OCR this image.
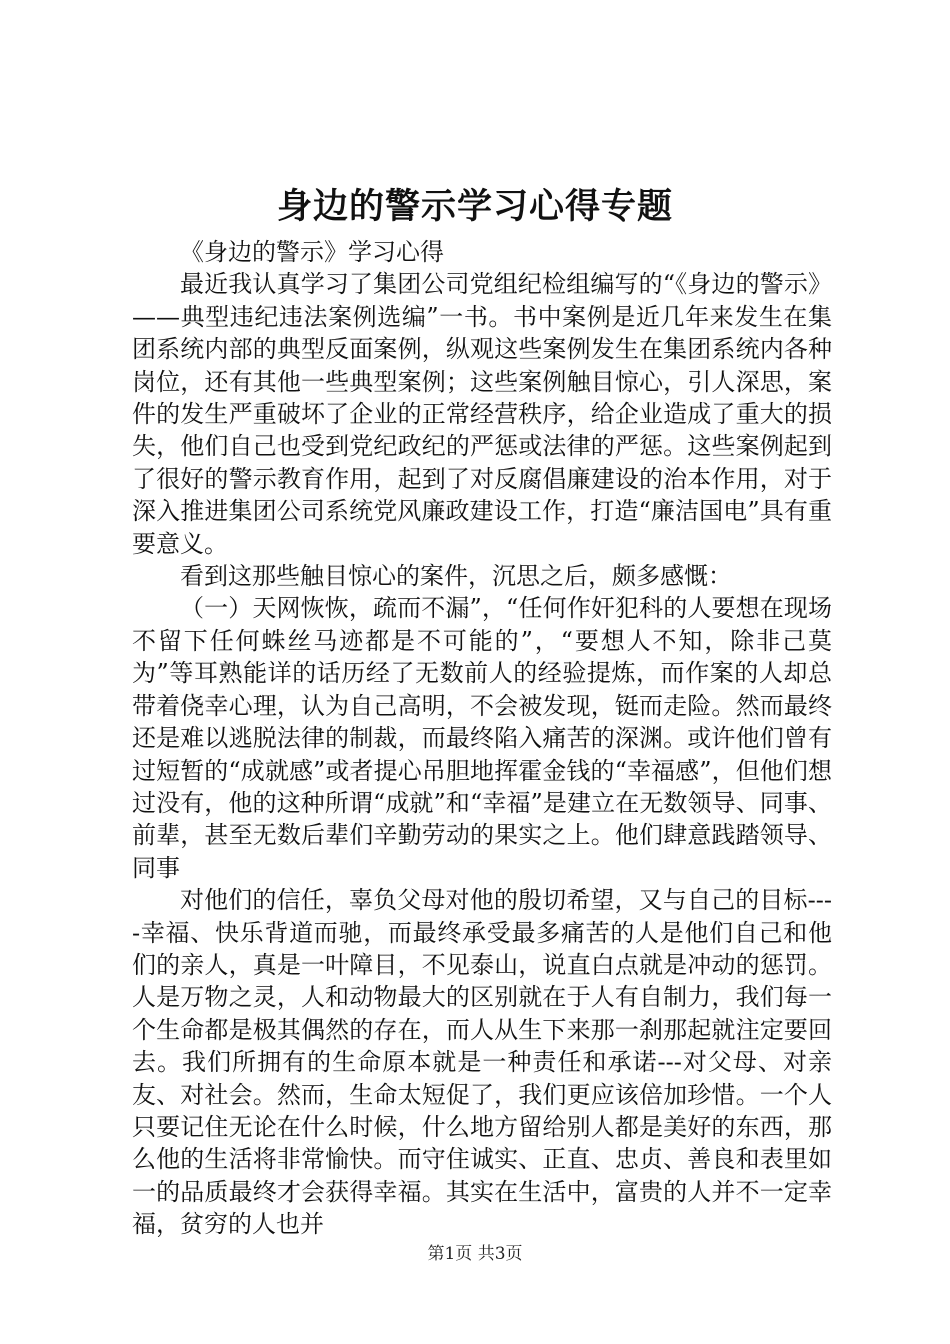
身边的警示学习心得专题

《身边的警示》学习心得

最近我认真学习了集团公司党组纪检组编写的“《身边的警示》——典型违纪违法案例选编”一书。书中案例是近几年来发生在集团系统内部的典型反面案例，纵观这些案例发生在集团系统内各种岗位，还有其他一些典型案例；这些案例触目惊心，引人深思，案件的发生严重破坏了企业的正常经营秩序，给企业造成了重大的损失，他们自己也受到党纪政纪的严惩或法律的严惩。这些案例起到了很好的警示教育作用，起到了对反腐倡廉建设的治本作用，对于深入推进集团公司系统党风廉政建设工作，打造“廉洁国电”具有重要意义。

看到这那些触目惊心的案件，沉思之后，颇多感慨：

（一）天网恢恢，疏而不漏”，“任何作奸犯科的人要想在现场不留下任何蛛丝马迹都是不可能的”，“要想人不知，除非己莫为”等耳熟能详的话历经了无数前人的经验提炼，而作案的人却总带着侥幸心理，认为自己高明，不会被发现，铤而走险。然而最终还是难以逃脱法律的制裁，而最终陷入痛苦的深渊。或许他们曾有过短暂的“成就感”或者提心吊胆地挥霍金钱的“幸福感”，但他们想过没有，他的这种所谓“成就”和“幸福”是建立在无数领导、同事、前辈，甚至无数后辈们辛勤劳动的果实之上。他们肆意践踏领导、同事

对他们的信任，辜负父母对他的殷切希望，又与自己的目标----幸福、快乐背道而驰，而最终承受最多痛苦的人是他们自己和他们的亲人，真是一叶障目，不见泰山，说直白点就是冲动的惩罚。人是万物之灵，人和动物最大的区别就在于人有自制力，我们每一个生命都是极其偶然的存在，而人从生下来那一刹那起就注定要回去。我们所拥有的生命原本就是一种责任和承诺---对父母、对亲友、对社会。然而，生命太短促了，我们更应该倍加珍惜。一个人只要记住无论在什么时候，什么地方留给别人都是美好的东西，那么他的生活将非常愉快。而守住诚实、正直、忠贞、善良和表里如一的品质最终才会获得幸福。其实在生活中，富贵的人并不一定幸福，贫穷的人也并

第1页 共3页
